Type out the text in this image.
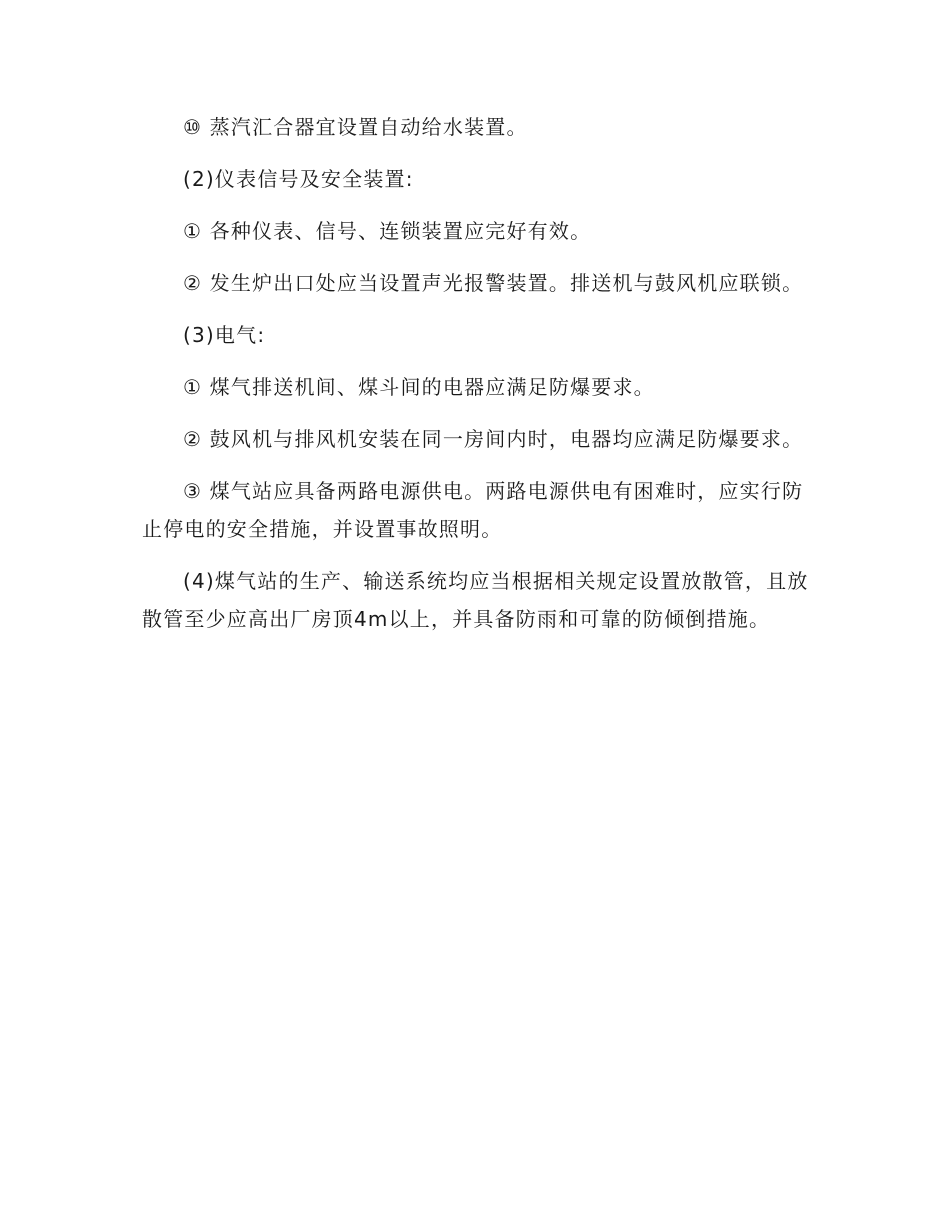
⑩ 蒸汽汇合器宜设置自动给水装置。

(2)仪表信号及安全装置:

① 各种仪表、信号、连锁装置应完好有效。

② 发生炉出口处应当设置声光报警装置。排送机与鼓风机应联锁。

(3)电气:

① 煤气排送机间、煤斗间的电器应满足防爆要求。

② 鼓风机与排风机安装在同一房间内时，电器均应满足防爆要求。

③ 煤气站应具备两路电源供电。两路电源供电有困难时，应实行防止停电的安全措施，并设置事故照明。

(4)煤气站的生产、输送系统均应当根据相关规定设置放散管，且放散管至少应高出厂房顶4m以上，并具备防雨和可靠的防倾倒措施。
